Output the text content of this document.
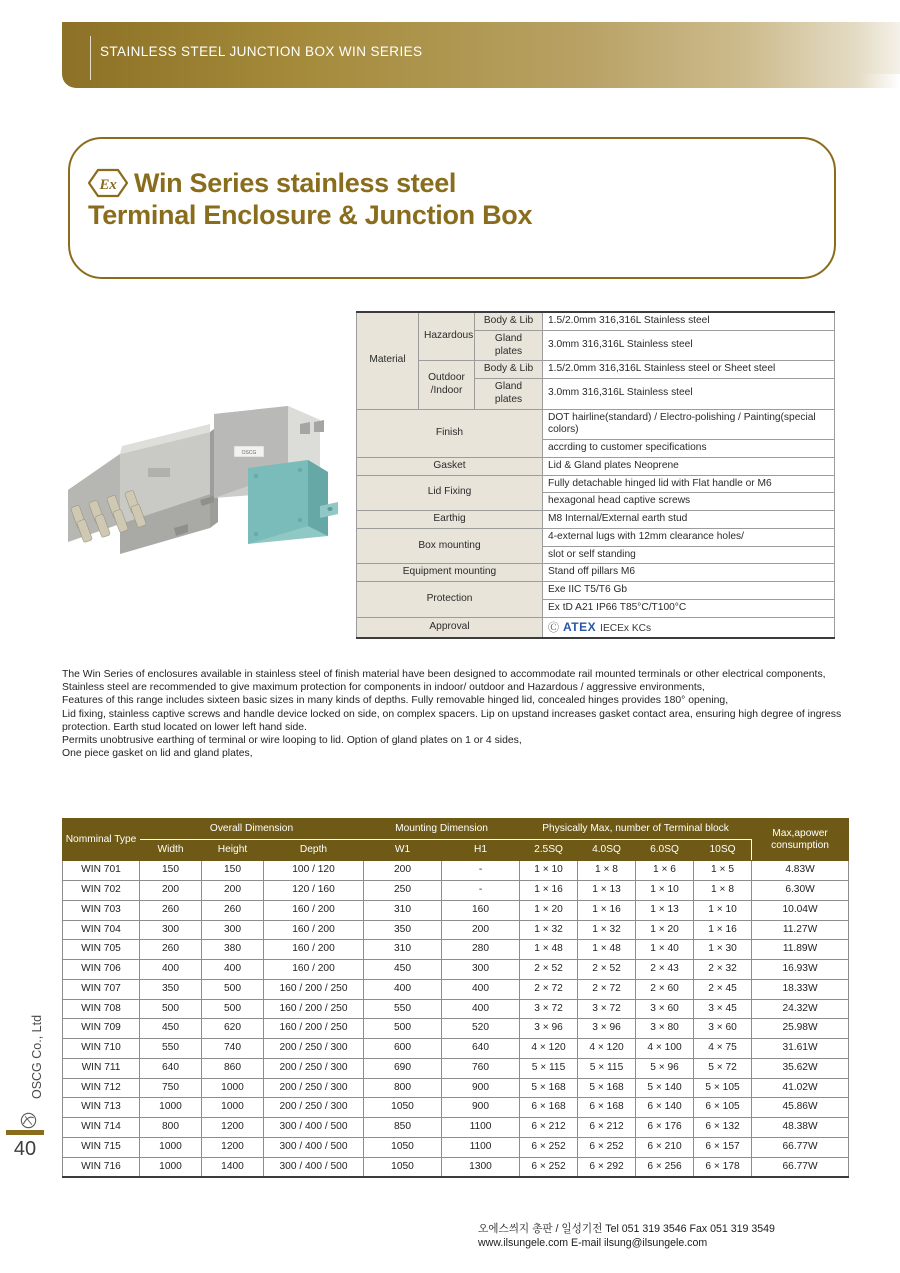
STAINLESS STEEL JUNCTION BOX WIN SERIES
Ex Win Series stainless steel
Terminal Enclosure & Junction Box
OSCG
Material	Hazardous	Body & Lib	1.5/2.0mm 316,316L Stainless steel
		Gland plates	3.0mm 316,316L Stainless steel
	Outdoor /Indoor	Body & Lib	1.5/2.0mm 316,316L Stainless steel or Sheet steel
		Gland plates	3.0mm 316,316L Stainless steel
Finish			DOT hairline(standard) / Electro-polishing / Painting(special colors)
			accrding to customer specifications
Gasket			Lid & Gland plates Neoprene
Lid Fixing			Fully detachable hinged lid with Flat handle or M6
			hexagonal head captive screws
Earthig			M8 Internal/External earth stud
Box mounting			4-external lugs with 12mm clearance holes/
			slot or self standing
Equipment mounting			Stand off pillars M6
Protection			Exe IIC T5/T6 Gb
			Ex tD A21 IP66 T85°C/T100°C
Approval			Ⓒ ATEX IECEx KCs

The Win Series of enclosures available in stainless steel of finish material have been designed to accommodate rail mounted terminals or other electrical components,

Stainless steel are recommended to give maximum protection for components in indoor/ outdoor and Hazardous / aggressive environments,

Features of this range includes sixteen basic sizes in many kinds of depths. Fully removable hinged lid, concealed hinges provides 180° opening,

Lid fixing, stainless captive screws and handle device locked on side, on complex spacers. Lip on upstand increases gasket contact area, ensuring high degree of ingress protection. Earth stud located on lower left hand side.

Permits unobtrusive earthing of terminal or wire looping to lid. Option of gland plates on 1 or 4 sides,

One piece gasket on lid and gland plates,

Nomminal Type	Overall Dimension			Mounting Dimension		Physically Max, number of Terminal block				Max,apower consumption
	Width	Height	Depth	W1	H1	2.5SQ	4.0SQ	6.0SQ	10SQ	
WIN 701	150	150	100 / 120	200	-	1 × 10	1 × 8	1 × 6	1 × 5	4.83W
WIN 702	200	200	120 / 160	250	-	1 × 16	1 × 13	1 × 10	1 × 8	6.30W
WIN 703	260	260	160 / 200	310	160	1 × 20	1 × 16	1 × 13	1 × 10	10.04W
WIN 704	300	300	160 / 200	350	200	1 × 32	1 × 32	1 × 20	1 × 16	11.27W
WIN 705	260	380	160 / 200	310	280	1 × 48	1 × 48	1 × 40	1 × 30	11.89W
WIN 706	400	400	160 / 200	450	300	2 × 52	2 × 52	2 × 43	2 × 32	16.93W
WIN 707	350	500	160 / 200 / 250	400	400	2 × 72	2 × 72	2 × 60	2 × 45	18.33W
WIN 708	500	500	160 / 200 / 250	550	400	3 × 72	3 × 72	3 × 60	3 × 45	24.32W
WIN 709	450	620	160 / 200 / 250	500	520	3 × 96	3 × 96	3 × 80	3 × 60	25.98W
WIN 710	550	740	200 / 250 / 300	600	640	4 × 120	4 × 120	4 × 100	4 × 75	31.61W
WIN 711	640	860	200 / 250 / 300	690	760	5 × 115	5 × 115	5 × 96	5 × 72	35.62W
WIN 712	750	1000	200 / 250 / 300	800	900	5 × 168	5 × 168	5 × 140	5 × 105	41.02W
WIN 713	1000	1000	200 / 250 / 300	1050	900	6 × 168	6 × 168	6 × 140	6 × 105	45.86W
WIN 714	800	1200	300 / 400 / 500	850	1100	6 × 212	6 × 212	6 × 176	6 × 132	48.38W
WIN 715	1000	1200	300 / 400 / 500	1050	1100	6 × 252	6 × 252	6 × 210	6 × 157	66.77W
WIN 716	1000	1400	300 / 400 / 500	1050	1300	6 × 252	6 × 292	6 × 256	6 × 178	66.77W
OSCG Co., Ltd
40
오에스씌지 총판 / 일성기전 Tel 051 319 3546 Fax 051 319 3549
www.ilsungele.com E-mail ilsung@ilsungele.com
